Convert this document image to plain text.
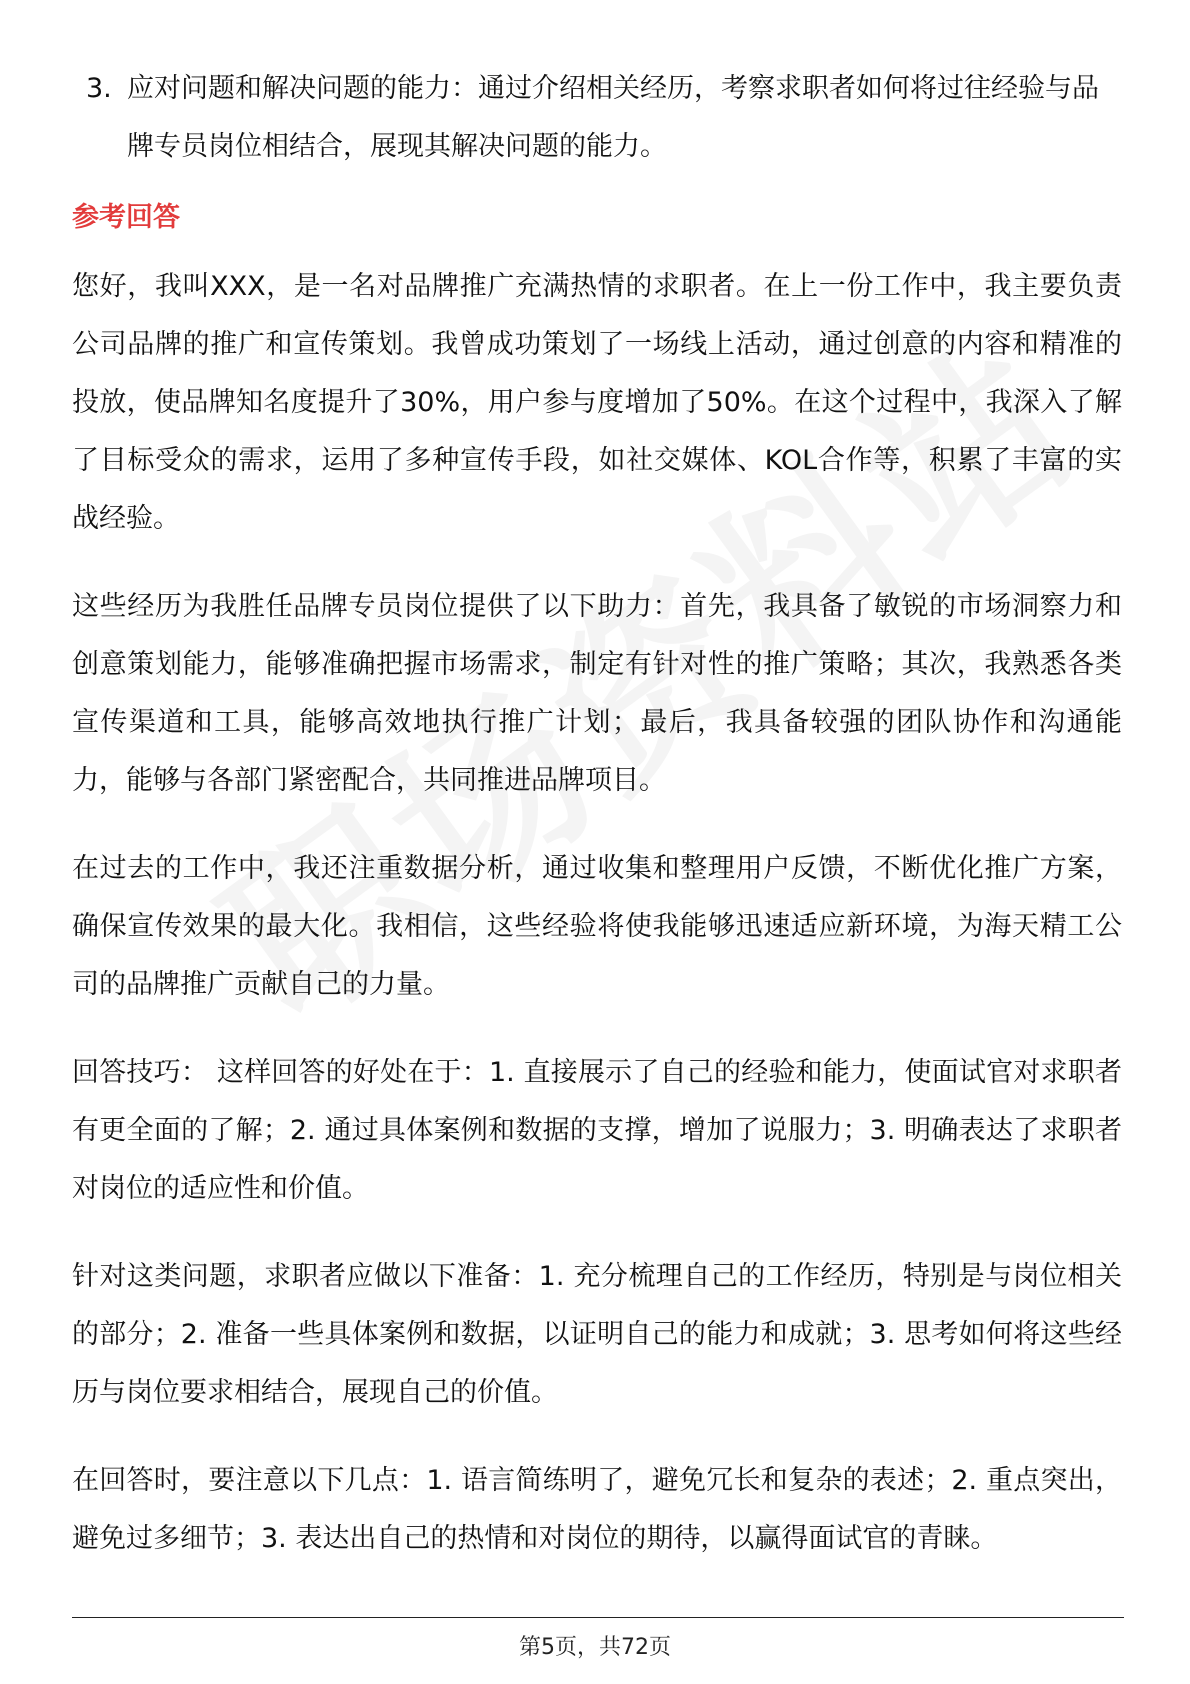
3. 应对问题和解决问题的能力：通过介绍相关经历，考察求职者如何将过往经验与品牌专员岗位相结合，展现其解决问题的能力。
参考回答

您好，我叫XXX，是一名对品牌推广充满热情的求职者。在上一份工作中，我主要负责公司品牌的推广和宣传策划。我曾成功策划了一场线上活动，通过创意的内容和精准的投放，使品牌知名度提升了30%，用户参与度增加了50%。在这个过程中，我深入了解了目标受众的需求，运用了多种宣传手段，如社交媒体、KOL合作等，积累了丰富的实战经验。

这些经历为我胜任品牌专员岗位提供了以下助力：首先，我具备了敏锐的市场洞察力和创意策划能力，能够准确把握市场需求，制定有针对性的推广策略；其次，我熟悉各类宣传渠道和工具，能够高效地执行推广计划；最后，我具备较强的团队协作和沟通能力，能够与各部门紧密配合，共同推进品牌项目。

在过去的工作中，我还注重数据分析，通过收集和整理用户反馈，不断优化推广方案，确保宣传效果的最大化。我相信，这些经验将使我能够迅速适应新环境，为海天精工公司的品牌推广贡献自己的力量。

回答技巧： 这样回答的好处在于：1. 直接展示了自己的经验和能力，使面试官对求职者有更全面的了解；2. 通过具体案例和数据的支撑，增加了说服力；3. 明确表达了求职者对岗位的适应性和价值。

针对这类问题，求职者应做以下准备：1. 充分梳理自己的工作经历，特别是与岗位相关的部分；2. 准备一些具体案例和数据，以证明自己的能力和成就；3. 思考如何将这些经历与岗位要求相结合，展现自己的价值。

在回答时，要注意以下几点：1. 语言简练明了，避免冗长和复杂的表述；2. 重点突出，避免过多细节；3. 表达出自己的热情和对岗位的期待，以赢得面试官的青睐。

第5页，共72页
